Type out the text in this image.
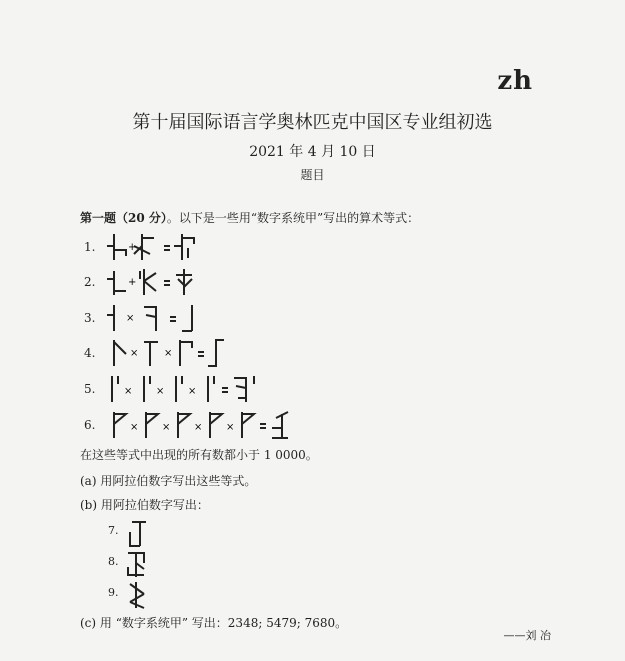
zh
第十届国际语言学奥林匹克中国区专业组初选
2021 年 4 月 10 日
题目
第一题（20 分）。以下是一些用“数字系统甲”写出的算术等式：
1.	+
2.	+
3.	×
4.	×	×
5.	× × ×
6.	× × × ×
在这些等式中出现的所有数都小于 1 0000。
(a) 用阿拉伯数字写出这些等式。
(b) 用阿拉伯数字写出：
7.
8.
9.
(c) 用 “数字系统甲” 写出：2348; 5479; 7680。
——刘 冶
